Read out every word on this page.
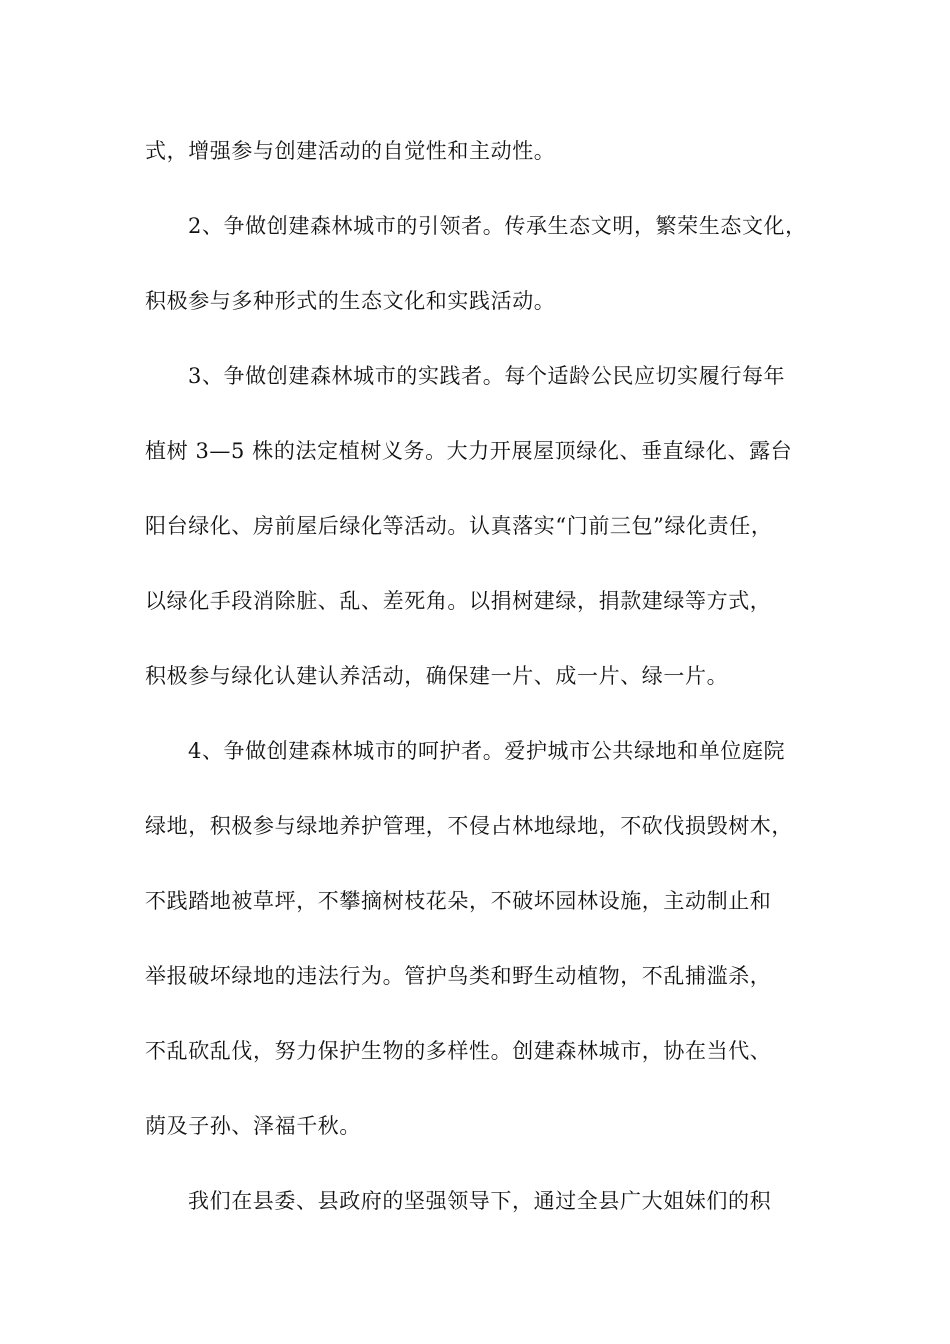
式，增强参与创建活动的自觉性和主动性。
2、争做创建森林城市的引领者。传承生态文明，繁荣生态文化，
积极参与多种形式的生态文化和实践活动。
3、争做创建森林城市的实践者。每个适龄公民应切实履行每年
植树 3—5 株的法定植树义务。大力开展屋顶绿化、垂直绿化、露台
阳台绿化、房前屋后绿化等活动。认真落实“门前三包”绿化责任，
以绿化手段消除脏、乱、差死角。以捐树建绿，捐款建绿等方式，
积极参与绿化认建认养活动，确保建一片、成一片、绿一片。
4、争做创建森林城市的呵护者。爱护城市公共绿地和单位庭院
绿地，积极参与绿地养护管理，不侵占林地绿地，不砍伐损毁树木，
不践踏地被草坪，不攀摘树枝花朵，不破坏园林设施，主动制止和
举报破坏绿地的违法行为。管护鸟类和野生动植物，不乱捕滥杀，
不乱砍乱伐，努力保护生物的多样性。创建森林城市，协在当代、
荫及子孙、泽福千秋。
我们在县委、县政府的坚强领导下，通过全县广大姐妹们的积
